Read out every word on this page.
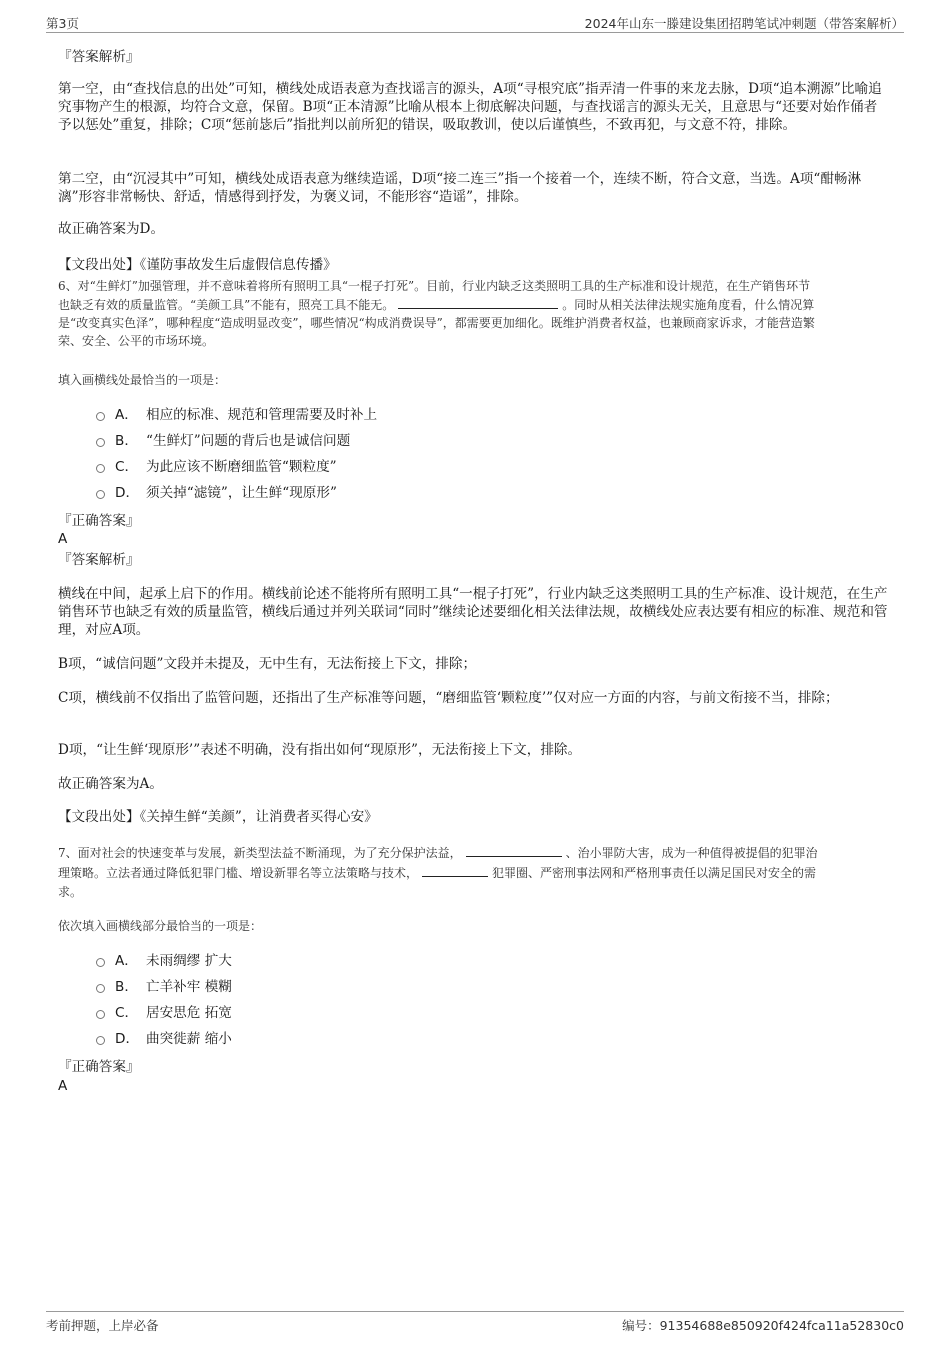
第3页	2024年山东一滕建设集团招聘笔试冲刺题（带答案解析）
『答案解析』
第一空，由“查找信息的出处”可知，横线处成语表意为查找谣言的源头，A项“寻根究底”指弄清一件事的来龙去脉，D项“追本溯源”比喻追究事物产生的根源，均符合文意，保留。B项“正本清源”比喻从根本上彻底解决问题，与查找谣言的源头无关，且意思与“还要对始作俑者予以惩处”重复，排除；C项“惩前毖后”指批判以前所犯的错误，吸取教训，使以后谨慎些，不致再犯，与文意不符，排除。
第二空，由“沉浸其中”可知，横线处成语表意为继续造谣，D项“接二连三”指一个接着一个，连续不断，符合文意，当选。A项“酣畅淋漓”形容非常畅快、舒适，情感得到抒发，为褒义词，不能形容“造谣”，排除。
故正确答案为D。
【文段出处】《谨防事故发生后虚假信息传播》
6、对“生鲜灯”加强管理，并不意味着将所有照明工具“一棍子打死”。目前，行业内缺乏这类照明工具的生产标准和设计规范，在生产销售环节
也缺乏有效的质量监管。“美颜工具”不能有，照亮工具不能无。	。同时从相关法律法规实施角度看，什么情况算
是“改变真实色泽”，哪种程度“造成明显改变”，哪些情况“构成消费误导”，都需要更加细化。既维护消费者权益，也兼顾商家诉求，才能营造繁
荣、安全、公平的市场环境。
填入画横线处最恰当的一项是：
A． 相应的标准、规范和管理需要及时补上
B． “生鲜灯”问题的背后也是诚信问题
C． 为此应该不断磨细监管“颗粒度”
D． 须关掉“滤镜”，让生鲜“现原形”
『正确答案』
A
『答案解析』
横线在中间，起承上启下的作用。横线前论述不能将所有照明工具“一棍子打死”，行业内缺乏这类照明工具的生产标准、设计规范，在生产销售环节也缺乏有效的质量监管，横线后通过并列关联词“同时”继续论述要细化相关法律法规，故横线处应表达要有相应的标准、规范和管理，对应A项。
B项，“诚信问题”文段并未提及，无中生有，无法衔接上下文，排除；
C项，横线前不仅指出了监管问题，还指出了生产标准等问题，“磨细监管‘颗粒度’”仅对应一方面的内容，与前文衔接不当，排除；
D项，“让生鲜‘现原形’”表述不明确，没有指出如何“现原形”，无法衔接上下文，排除。
故正确答案为A。
【文段出处】《关掉生鲜“美颜”，让消费者买得心安》
7、面对社会的快速变革与发展，新类型法益不断涌现，为了充分保护法益，	、治小罪防大害，成为一种值得被提倡的犯罪治
理策略。立法者通过降低犯罪门槛、增设新罪名等立法策略与技术，	犯罪圈、严密刑事法网和严格刑事责任以满足国民对安全的需
求。
依次填入画横线部分最恰当的一项是：
A． 未雨绸缪 扩大
B． 亡羊补牢 模糊
C． 居安思危 拓宽
D． 曲突徙薪 缩小
『正确答案』
A
考前押题，上岸必备	编号：91354688e850920f424fca11a52830c0
